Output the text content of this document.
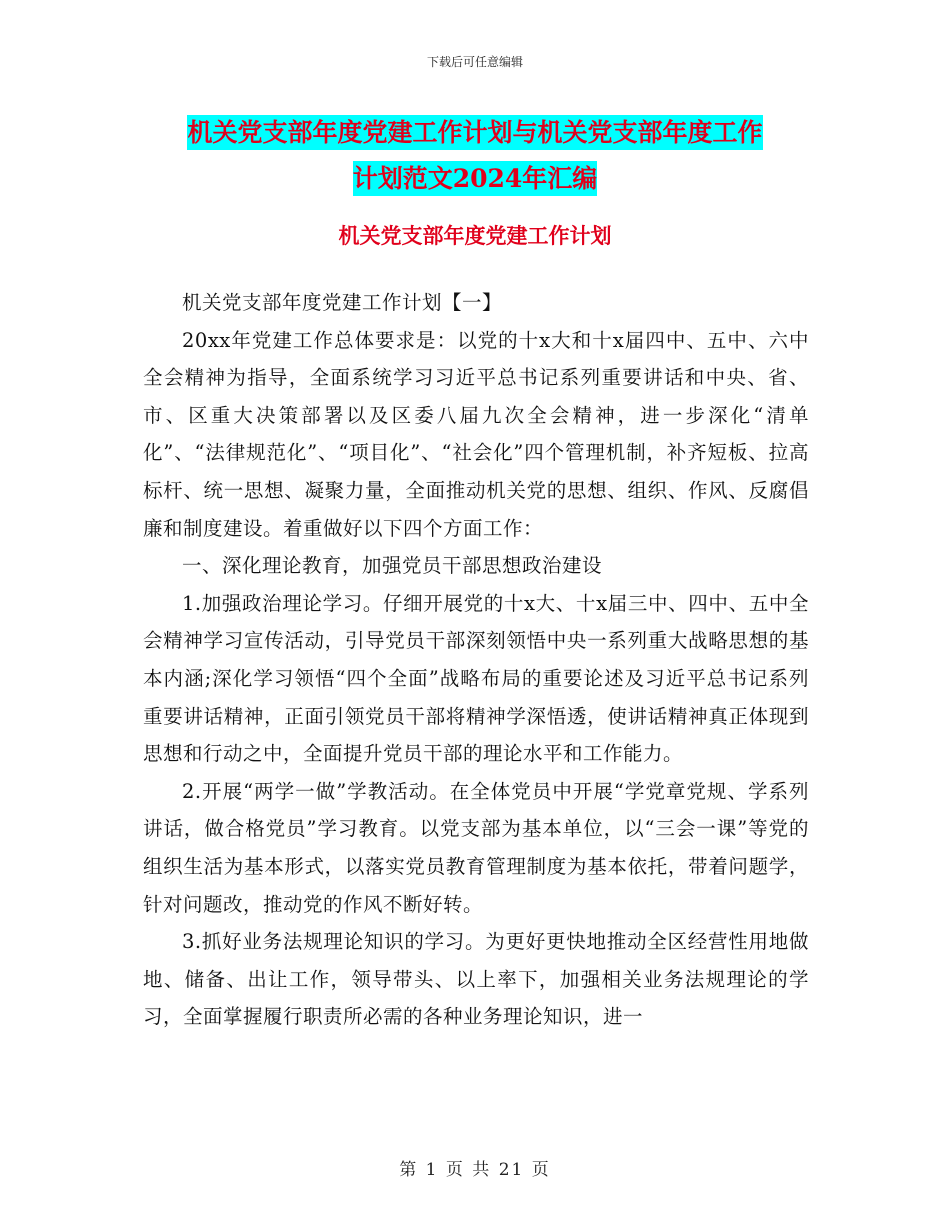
下载后可任意编辑
机关党支部年度党建工作计划与机关党支部年度工作
计划范文2024年汇编
机关党支部年度党建工作计划

机关党支部年度党建工作计划【一】

20xx年党建工作总体要求是：以党的十x大和十x届四中、五中、六中全会精神为指导，全面系统学习习近平总书记系列重要讲话和中央、省、市、区重大决策部署以及区委八届九次全会精神，进一步深化“清单化”、“法律规范化”、“项目化”、“社会化”四个管理机制，补齐短板、拉高标杆、统一思想、凝聚力量，全面推动机关党的思想、组织、作风、反腐倡廉和制度建设。着重做好以下四个方面工作：

一、深化理论教育，加强党员干部思想政治建设

1.加强政治理论学习。仔细开展党的十x大、十x届三中、四中、五中全会精神学习宣传活动，引导党员干部深刻领悟中央一系列重大战略思想的基本内涵;深化学习领悟“四个全面”战略布局的重要论述及习近平总书记系列重要讲话精神，正面引领党员干部将精神学深悟透，使讲话精神真正体现到思想和行动之中，全面提升党员干部的理论水平和工作能力。

2.开展“两学一做”学教活动。在全体党员中开展“学党章党规、学系列讲话，做合格党员”学习教育。以党支部为基本单位，以“三会一课”等党的组织生活为基本形式，以落实党员教育管理制度为基本依托，带着问题学，针对问题改，推动党的作风不断好转。

3.抓好业务法规理论知识的学习。为更好更快地推动全区经营性用地做地、储备、出让工作，领导带头、以上率下，加强相关业务法规理论的学习，全面掌握履行职责所必需的各种业务理论知识，进一

第 1 页 共 21 页
